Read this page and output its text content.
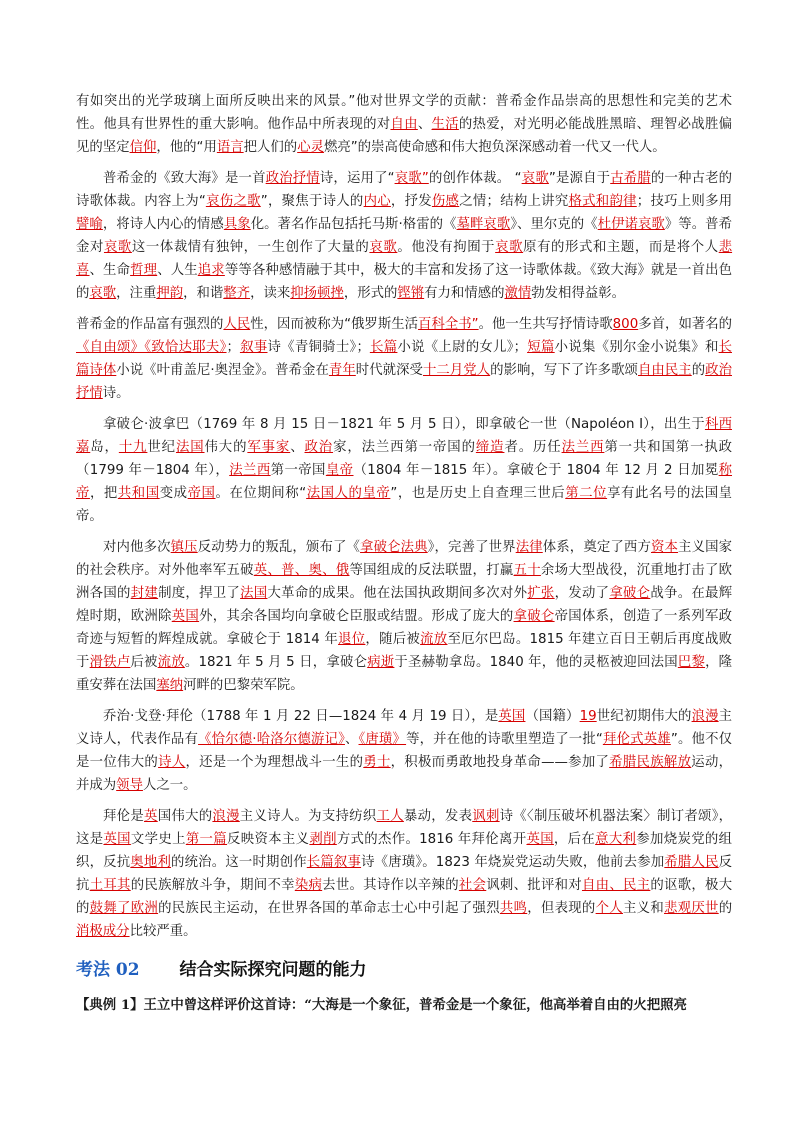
有如突出的光学玻璃上面所反映出来的风景。”他对世界文学的贡献：普希金作品崇高的思想性和完美的艺术性。他具有世界性的重大影响。他作品中所表现的对自由、生活的热爱，对光明必能战胜黑暗、理智必战胜偏见的坚定信仰，他的“用语言把人们的心灵燃亮”的崇高使命感和伟大抱负深深感动着一代又一代人。

普希金的《致大海》是一首政治抒情诗，运用了“哀歌”的创作体裁。 “哀歌”是源自于古希腊的一种古老的诗歌体裁。内容上为“哀伤之歌”，聚焦于诗人的内心，抒发伤感之情；结构上讲究格式和韵律；技巧上则多用譬喻，将诗人内心的情感具象化。著名作品包括托马斯·格雷的《墓畔哀歌》、里尔克的《杜伊诺哀歌》等。普希金对哀歌这一体裁情有独钟，一生创作了大量的哀歌。他没有拘囿于哀歌原有的形式和主题，而是将个人悲喜、生命哲理、人生追求等等各种感情融于其中，极大的丰富和发扬了这一诗歌体裁。《致大海》就是一首出色的哀歌，注重押韵，和谐整齐，读来抑扬顿挫，形式的铿锵有力和情感的激情勃发相得益彰。

普希金的作品富有强烈的人民性，因而被称为“俄罗斯生活百科全书”。他一生共写抒情诗歌800多首，如著名的《自由颂》《致恰达耶夫》；叙事诗《青铜骑士》；长篇小说《上尉的女儿》；短篇小说集《别尔金小说集》和长篇诗体小说《叶甫盖尼·奥涅金》。普希金在青年时代就深受十二月党人的影响，写下了许多歌颂自由民主的政治抒情诗。

拿破仑·波拿巴（1769 年 8 月 15 日－1821 年 5 月 5 日），即拿破仑一世（Napoléon I），出生于科西嘉岛，十九世纪法国伟大的军事家、政治家，法兰西第一帝国的缔造者。历任法兰西第一共和国第一执政（1799 年－1804 年），法兰西第一帝国皇帝（1804 年－1815 年）。拿破仑于 1804 年 12 月 2 日加冕称帝，把共和国变成帝国。在位期间称“法国人的皇帝”，也是历史上自查理三世后第二位享有此名号的法国皇帝。

对内他多次镇压反动势力的叛乱，颁布了《拿破仑法典》，完善了世界法律体系，奠定了西方资本主义国家的社会秩序。对外他率军五破英、普、奥、俄等国组成的反法联盟，打赢五十余场大型战役，沉重地打击了欧洲各国的封建制度，捍卫了法国大革命的成果。他在法国执政期间多次对外扩张，发动了拿破仑战争。在最辉煌时期，欧洲除英国外，其余各国均向拿破仑臣服或结盟。形成了庞大的拿破仑帝国体系，创造了一系列军政奇迹与短暂的辉煌成就。拿破仑于 1814 年退位，随后被流放至厄尔巴岛。1815 年建立百日王朝后再度战败于滑铁卢后被流放。1821 年 5 月 5 日，拿破仑病逝于圣赫勒拿岛。1840 年，他的灵柩被迎回法国巴黎，隆重安葬在法国塞纳河畔的巴黎荣军院。

乔治·戈登·拜伦（1788 年 1 月 22 日—1824 年 4 月 19 日），是英国（国籍）19世纪初期伟大的浪漫主义诗人，代表作品有《恰尔德·哈洛尔德游记》、《唐璜》等，并在他的诗歌里塑造了一批“拜伦式英雄”。他不仅是一位伟大的诗人，还是一个为理想战斗一生的勇士，积极而勇敢地投身革命——参加了希腊民族解放运动，并成为领导人之一。

拜伦是英国伟大的浪漫主义诗人。为支持纺织工人暴动，发表讽刺诗《〈制压破坏机器法案〉制订者颂》，这是英国文学史上第一篇反映资本主义剥削方式的杰作。1816 年拜伦离开英国，后在意大利参加烧炭党的组织，反抗奥地利的统治。这一时期创作长篇叙事诗《唐璜》。1823 年烧炭党运动失败，他前去参加希腊人民反抗土耳其的民族解放斗争，期间不幸染病去世。其诗作以辛辣的社会讽刺、批评和对自由、民主的讴歌，极大的鼓舞了欧洲的民族民主运动，在世界各国的革命志士心中引起了强烈共鸣，但表现的个人主义和悲观厌世的消极成分比较严重。

考法 02 结合实际探究问题的能力
【典例 1】王立中曾这样评价这首诗：“大海是一个象征，普希金是一个象征，他高举着自由的火把照亮
